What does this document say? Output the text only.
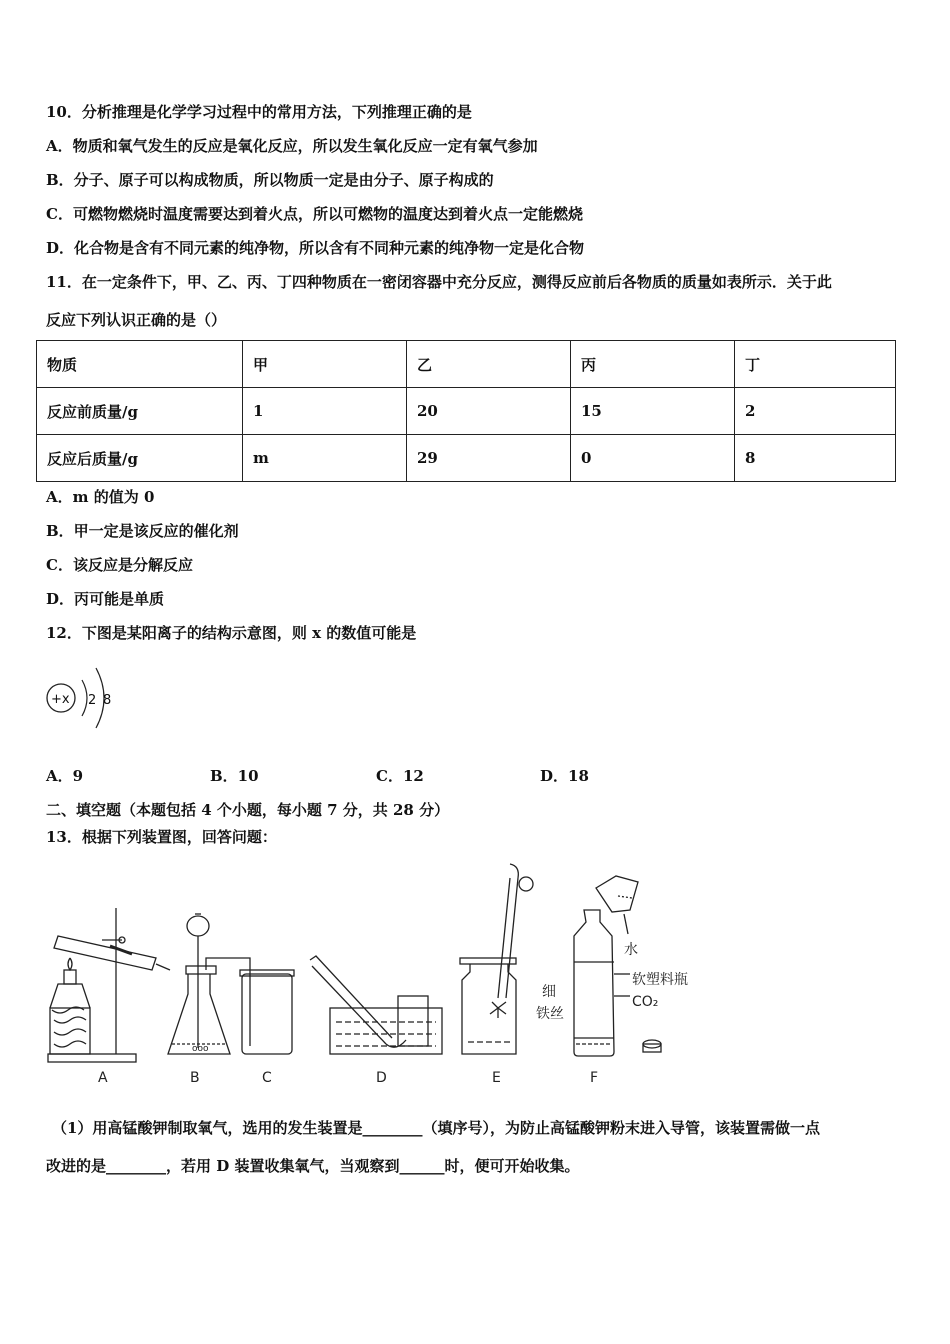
10．分析推理是化学学习过程中的常用方法，下列推理正确的是
A．物质和氧气发生的反应是氧化反应，所以发生氧化反应一定有氧气参加
B．分子、原子可以构成物质，所以物质一定是由分子、原子构成的
C．可燃物燃烧时温度需要达到着火点，所以可燃物的温度达到着火点一定能燃烧
D．化合物是含有不同元素的纯净物，所以含有不同种元素的纯净物一定是化合物
11．在一定条件下，甲、乙、丙、丁四种物质在一密闭容器中充分反应，测得反应前后各物质的质量如表所示．关于此
反应下列认识正确的是（）
物质	甲	乙	丙	丁
反应前质量/g	1	20	15	2
反应后质量/g	m	29	0	8
A．m 的值为 0
B．甲一定是该反应的催化剂
C．该反应是分解反应
D．丙可能是单质
12．下图是某阳离子的结构示意图，则 x 的数值可能是
+x 2 8
A．9	B．10	C．12	D．18
二、填空题（本题包括 4 个小题，每小题 7 分，共 28 分）
13．根据下列装置图，回答问题：
ooo
细
铁丝
水
软塑料瓶
CO₂
A	B	C	D	E	F
（1）用高锰酸钾制取氧气，选用的发生装置是________（填序号），为防止高锰酸钾粉末进入导管，该装置需做一点
改进的是________，若用 D 装置收集氧气，当观察到______时，便可开始收集。
